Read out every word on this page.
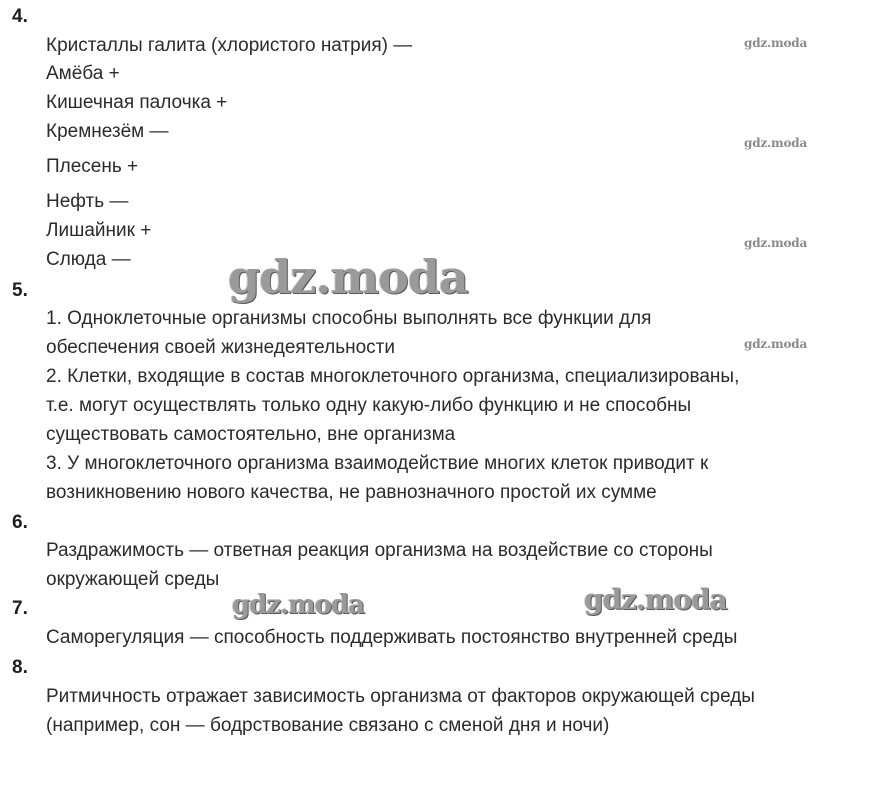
4.
Кристаллы галита (хлористого натрия) —
Амёба +
Кишечная палочка +
Кремнезём —
Плесень +
Нефть —
Лишайник +
Слюда —
5.
1. Одноклеточные организмы способны выполнять все функции для
обеспечения своей жизнедеятельности
2. Клетки, входящие в состав многоклеточного организма, специализированы,
т.е. могут осуществлять только одну какую-либо функцию и не способны
существовать самостоятельно, вне организма
3. У многоклеточного организма взаимодействие многих клеток приводит к
возникновению нового качества, не равнозначного простой их сумме
6.
Раздражимость — ответная реакция организма на воздействие со стороны
окружающей среды
7.
Саморегуляция — способность поддерживать постоянство внутренней среды
8.
Ритмичность отражает зависимость организма от факторов окружающей среды
(например, сон — бодрствование связано с сменой дня и ночи)
gdz.moda
gdz.moda
gdz.moda
gdz.moda
gdz.moda
gdz.moda	gdz.moda
